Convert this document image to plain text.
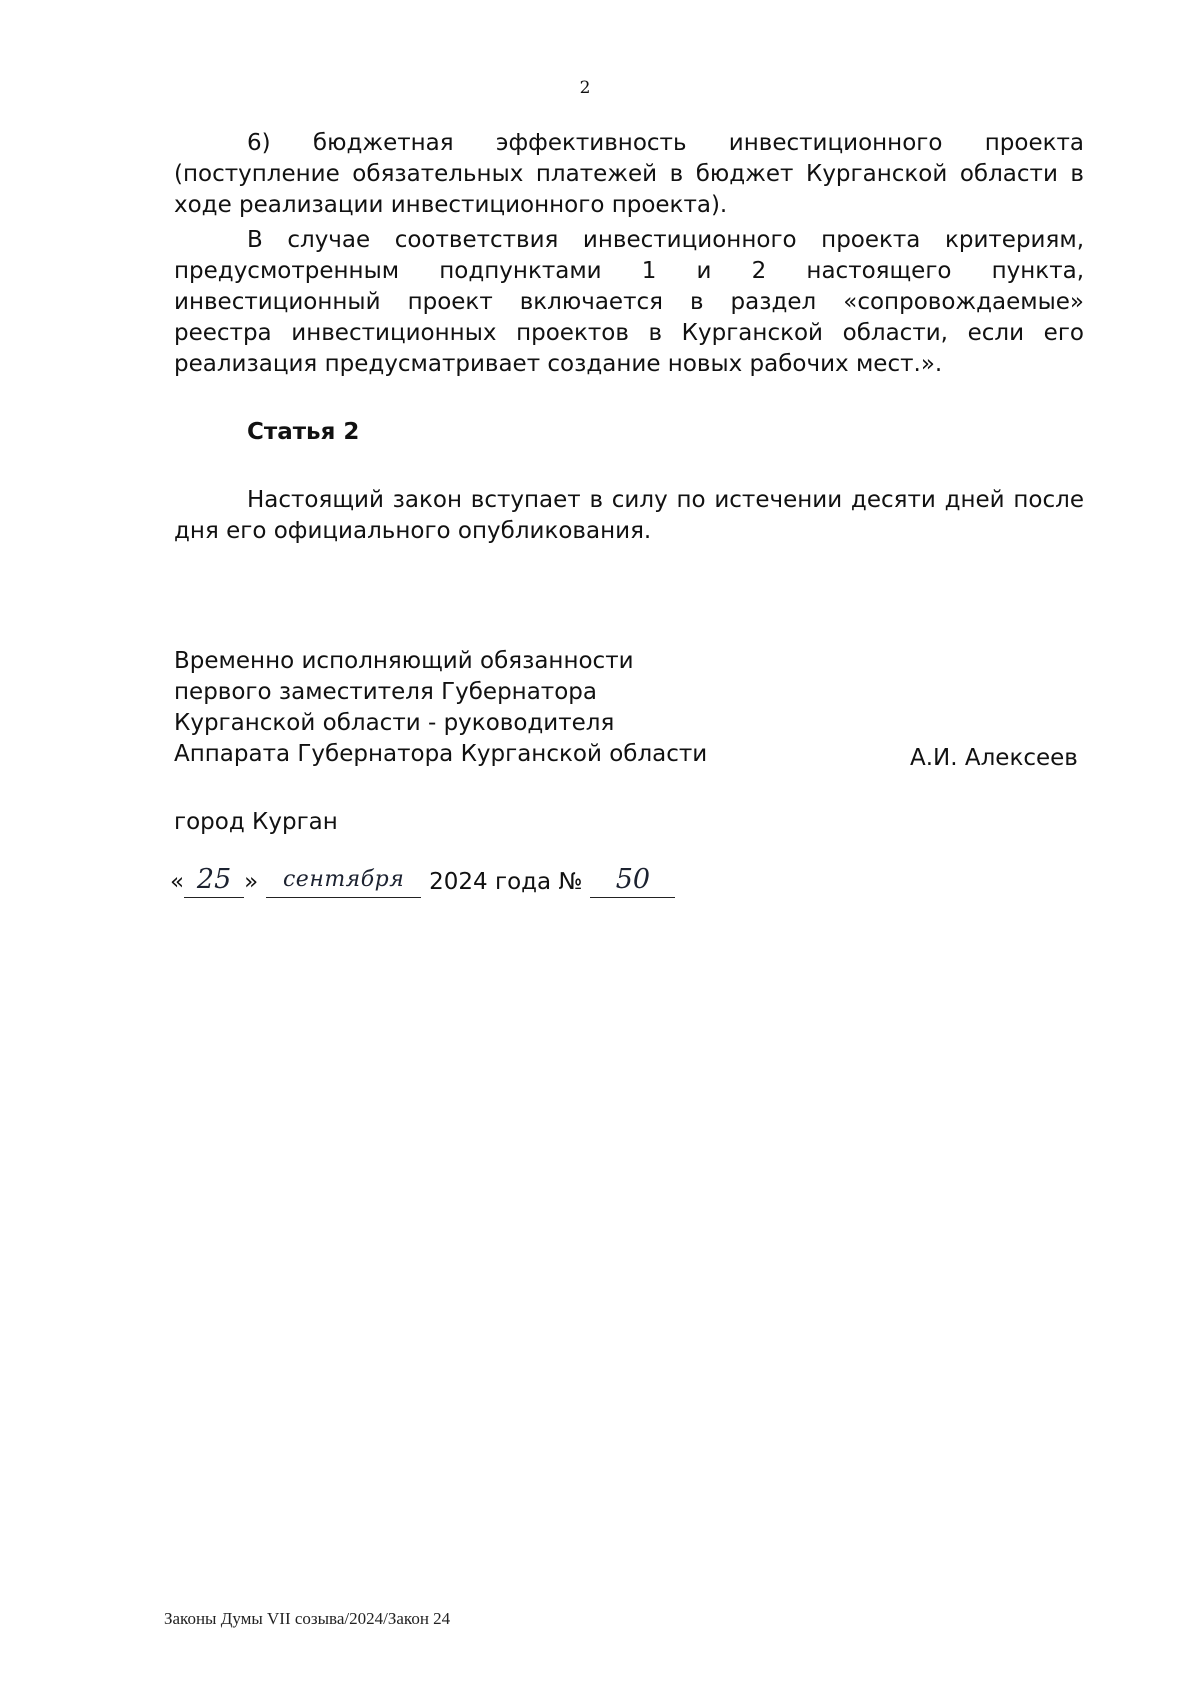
2

6) бюджетная эффективность инвестиционного проекта (поступление обязательных платежей в бюджет Курганской области в ходе реализации инвестиционного проекта).

В случае соответствия инвестиционного проекта критериям, предусмотренным подпунктами 1 и 2 настоящего пункта, инвестиционный проект включается в раздел «сопровождаемые» реестра инвестиционных проектов в Курганской области, если его реализация предусматривает создание новых рабочих мест.».

Статья 2

Настоящий закон вступает в силу по истечении десяти дней после дня его официального опубликования.

Временно исполняющий обязанности
первого заместителя Губернатора
Курганской области - руководителя
Аппарата Губернатора Курганской области	А.И. Алексеев
город Курган
« 25 »	сентября	2024 года №	50
Законы Думы VII созыва/2024/Закон 24
